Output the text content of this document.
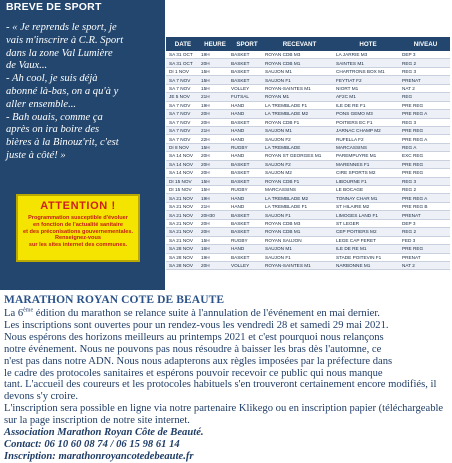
BREVE DE SPORT
- « Je reprends le sport, je
vais m'inscrire à C.R. Sport
dans la zone Val Lumière
de Vaux...
- Ah cool, je suis déjà
abonné là-bas, on a qu'à y
aller ensemble...
- Bah ouais, comme ça
après on ira boire des
bières à la Binouz'rit, c'est
juste à côté! »
ATTENTION !
Programmation susceptible d'évoluer
en fonction de l'actualité sanitaire
et des préconisations gouvernementales.
Renseignez-vous
sur les sites internet des communes.
DATE	HEURE	SPORT	RECEVANT	HOTE	NIVEAU
SA 31 OCT	19H	BASKET	ROYAN CDB M3	LA JARRIE M3	DEP 3
SA 31 OCT	20H	BASKET	ROYAN CDB M1	SAINTES M1	REG 2
DI 1 NOV	15H	BASKET	SAUJON M1	CHARTRONS BOX M1	REG 3
SA 7 NOV	15H	BASKET	SAUJON F1	FEYTIAT F2	PRENAT
SA 7 NOV	15H	VOLLEY	ROYAN-SAINTES M1	NIORT M1	NAT 2
JE 5 NOV	21H	FUTSAL	ROYAN M1	AF2C M1	REG
SA 7 NOV	19H	HAND	LA TREMBLADE F1	ILE DE RE F1	PRE REG
SA 7 NOV	20H	HAND	LA TREMBLADE M2	PONS GEMO M3	PRE REG A
SA 7 NOV	20H	BASKET	ROYAN CDB F1	POITIERS EC F1	REG 3
SA 7 NOV	21H	HAND	SAUJON M1	JARNAC CHAMP M2	PRE REG
SA 7 NOV	22H	HAND	SAUJON F2	RUFELLA F2	PRE REG A
DI 8 NOV	15H	RUGBY	LA TREMBLADE	MARCASSINS	REG A
SA 14 NOV	20H	HAND	ROYAN ST GEORGES M1	PAREMPUYRE M1	EXC REG
SA 14 NOV	20H	BASKET	SAUJON F2	MARENNES F1	PRE REG
SA 14 NOV	20H	BASKET	SAUJON M2	CIRE SPORTS M2	PRE REG
DI 15 NOV	15H	BASKET	ROYAN CDB F1	LIBOURNE F1	REG 3
DI 15 NOV	15H	RUGBY	MARCASSINS	LE BOCAGE	REG 2
SA 21 NOV	19H	HAND	LA TREMBLADE M2	TONNAY CHAR M1	PRE REG A
SA 21 NOV	21H	HAND	LA TREMBLADE F1	ST HILAIRE M2	PRE REG B
SA 21 NOV	20H30	BASKET	SAUJON F1	LIMOGES LAND F1	PRENAT
SA 21 NOV	20H	BASKET	ROYAN CDB M3	ST LEGER	DEP 3
SA 21 NOV	20H	BASKET	ROYAN CDB M1	CEP POITIERS M2	REG 2
SA 21 NOV	15H	RUGBY	ROYAN SAUJON	LEGE CAP FERET	FED 3
SA 28 NOV	16H	HAND	SAUJON M1	ILE DE RE M1	PRE REG
SA 28 NOV	19H	BASKET	SAUJON F1	STADE POITEVIN F1	PRENAT
SA 28 NOV	20H	VOLLEY	ROYAN-SAINTES M1	NARBONNE M1	NAT 2
MARATHON ROYAN COTE DE BEAUTE

La 6ème édition du marathon se relance suite à l'annulation de l'événement en mai dernier.

Les inscriptions sont ouvertes pour un rendez-vous les vendredi 28 et samedi 29 mai 2021.

Nous espérons des horizons meilleurs au printemps 2021 et c'est pourquoi nous relançons

notre événement. Nous ne pouvons pas nous résoudre à baisser les bras dès l'automne, ce

n'est pas dans notre ADN. Nous nous adapterons aux règles imposées par la préfecture dans

le cadre des protocoles sanitaires et espérons pouvoir recevoir ce public qui nous manque

tant. L'accueil des coureurs et les protocoles habituels s'en trouveront certainement encore modifiés, il

devons s'y croire.

L'inscription sera possible en ligne via notre partenaire Klikego ou en inscription papier (téléchargeable

sur la page inscription de notre site internet.

Association Marathon Royan Côte de Beauté.

Contact: 06 10 60 08 74 / 06 15 98 61 14

Inscription: marathonroyancotedebeaute.fr
